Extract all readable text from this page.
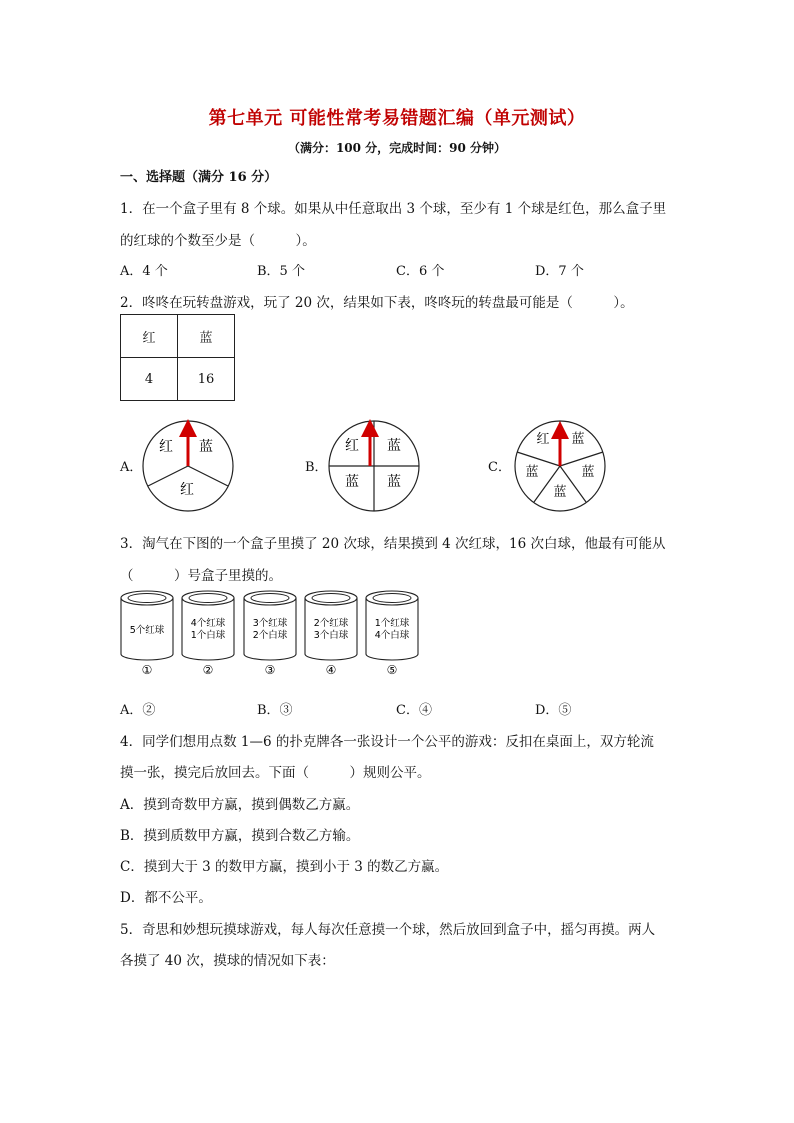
第七单元 可能性常考易错题汇编（单元测试）
（满分：100 分，完成时间：90 分钟）
一、选择题（满分 16 分）
1．在一个盒子里有 8 个球。如果从中任意取出 3 个球，至少有 1 个球是红色，那么盒子里
的红球的个数至少是（　　　）。
A．4 个	B．5 个	C．6 个	D．7 个
2．咚咚在玩转盘游戏，玩了 20 次，结果如下表，咚咚玩的转盘最可能是（　　　）。
红	蓝
4	16
A．	B．	C．
红 蓝
红
红 蓝
蓝 蓝
红 蓝
蓝	蓝
蓝
3．淘气在下图的一个盒子里摸了 20 次球，结果摸到 4 次红球，16 次白球，他最有可能从
（　　　）号盒子里摸的。
5个红球
①
4个红球
1个白球
②
3个红球
2个白球
③
2个红球
3个白球
④
1个红球
4个白球
⑤
A．②	B．③	C．④	D．⑤
4．同学们想用点数 1—6 的扑克牌各一张设计一个公平的游戏：反扣在桌面上，双方轮流
摸一张，摸完后放回去。下面（　　　）规则公平。
A．摸到奇数甲方赢，摸到偶数乙方赢。
B．摸到质数甲方赢，摸到合数乙方输。
C．摸到大于 3 的数甲方赢，摸到小于 3 的数乙方赢。
D．都不公平。
5．奇思和妙想玩摸球游戏，每人每次任意摸一个球，然后放回到盒子中，摇匀再摸。两人
各摸了 40 次，摸球的情况如下表：
